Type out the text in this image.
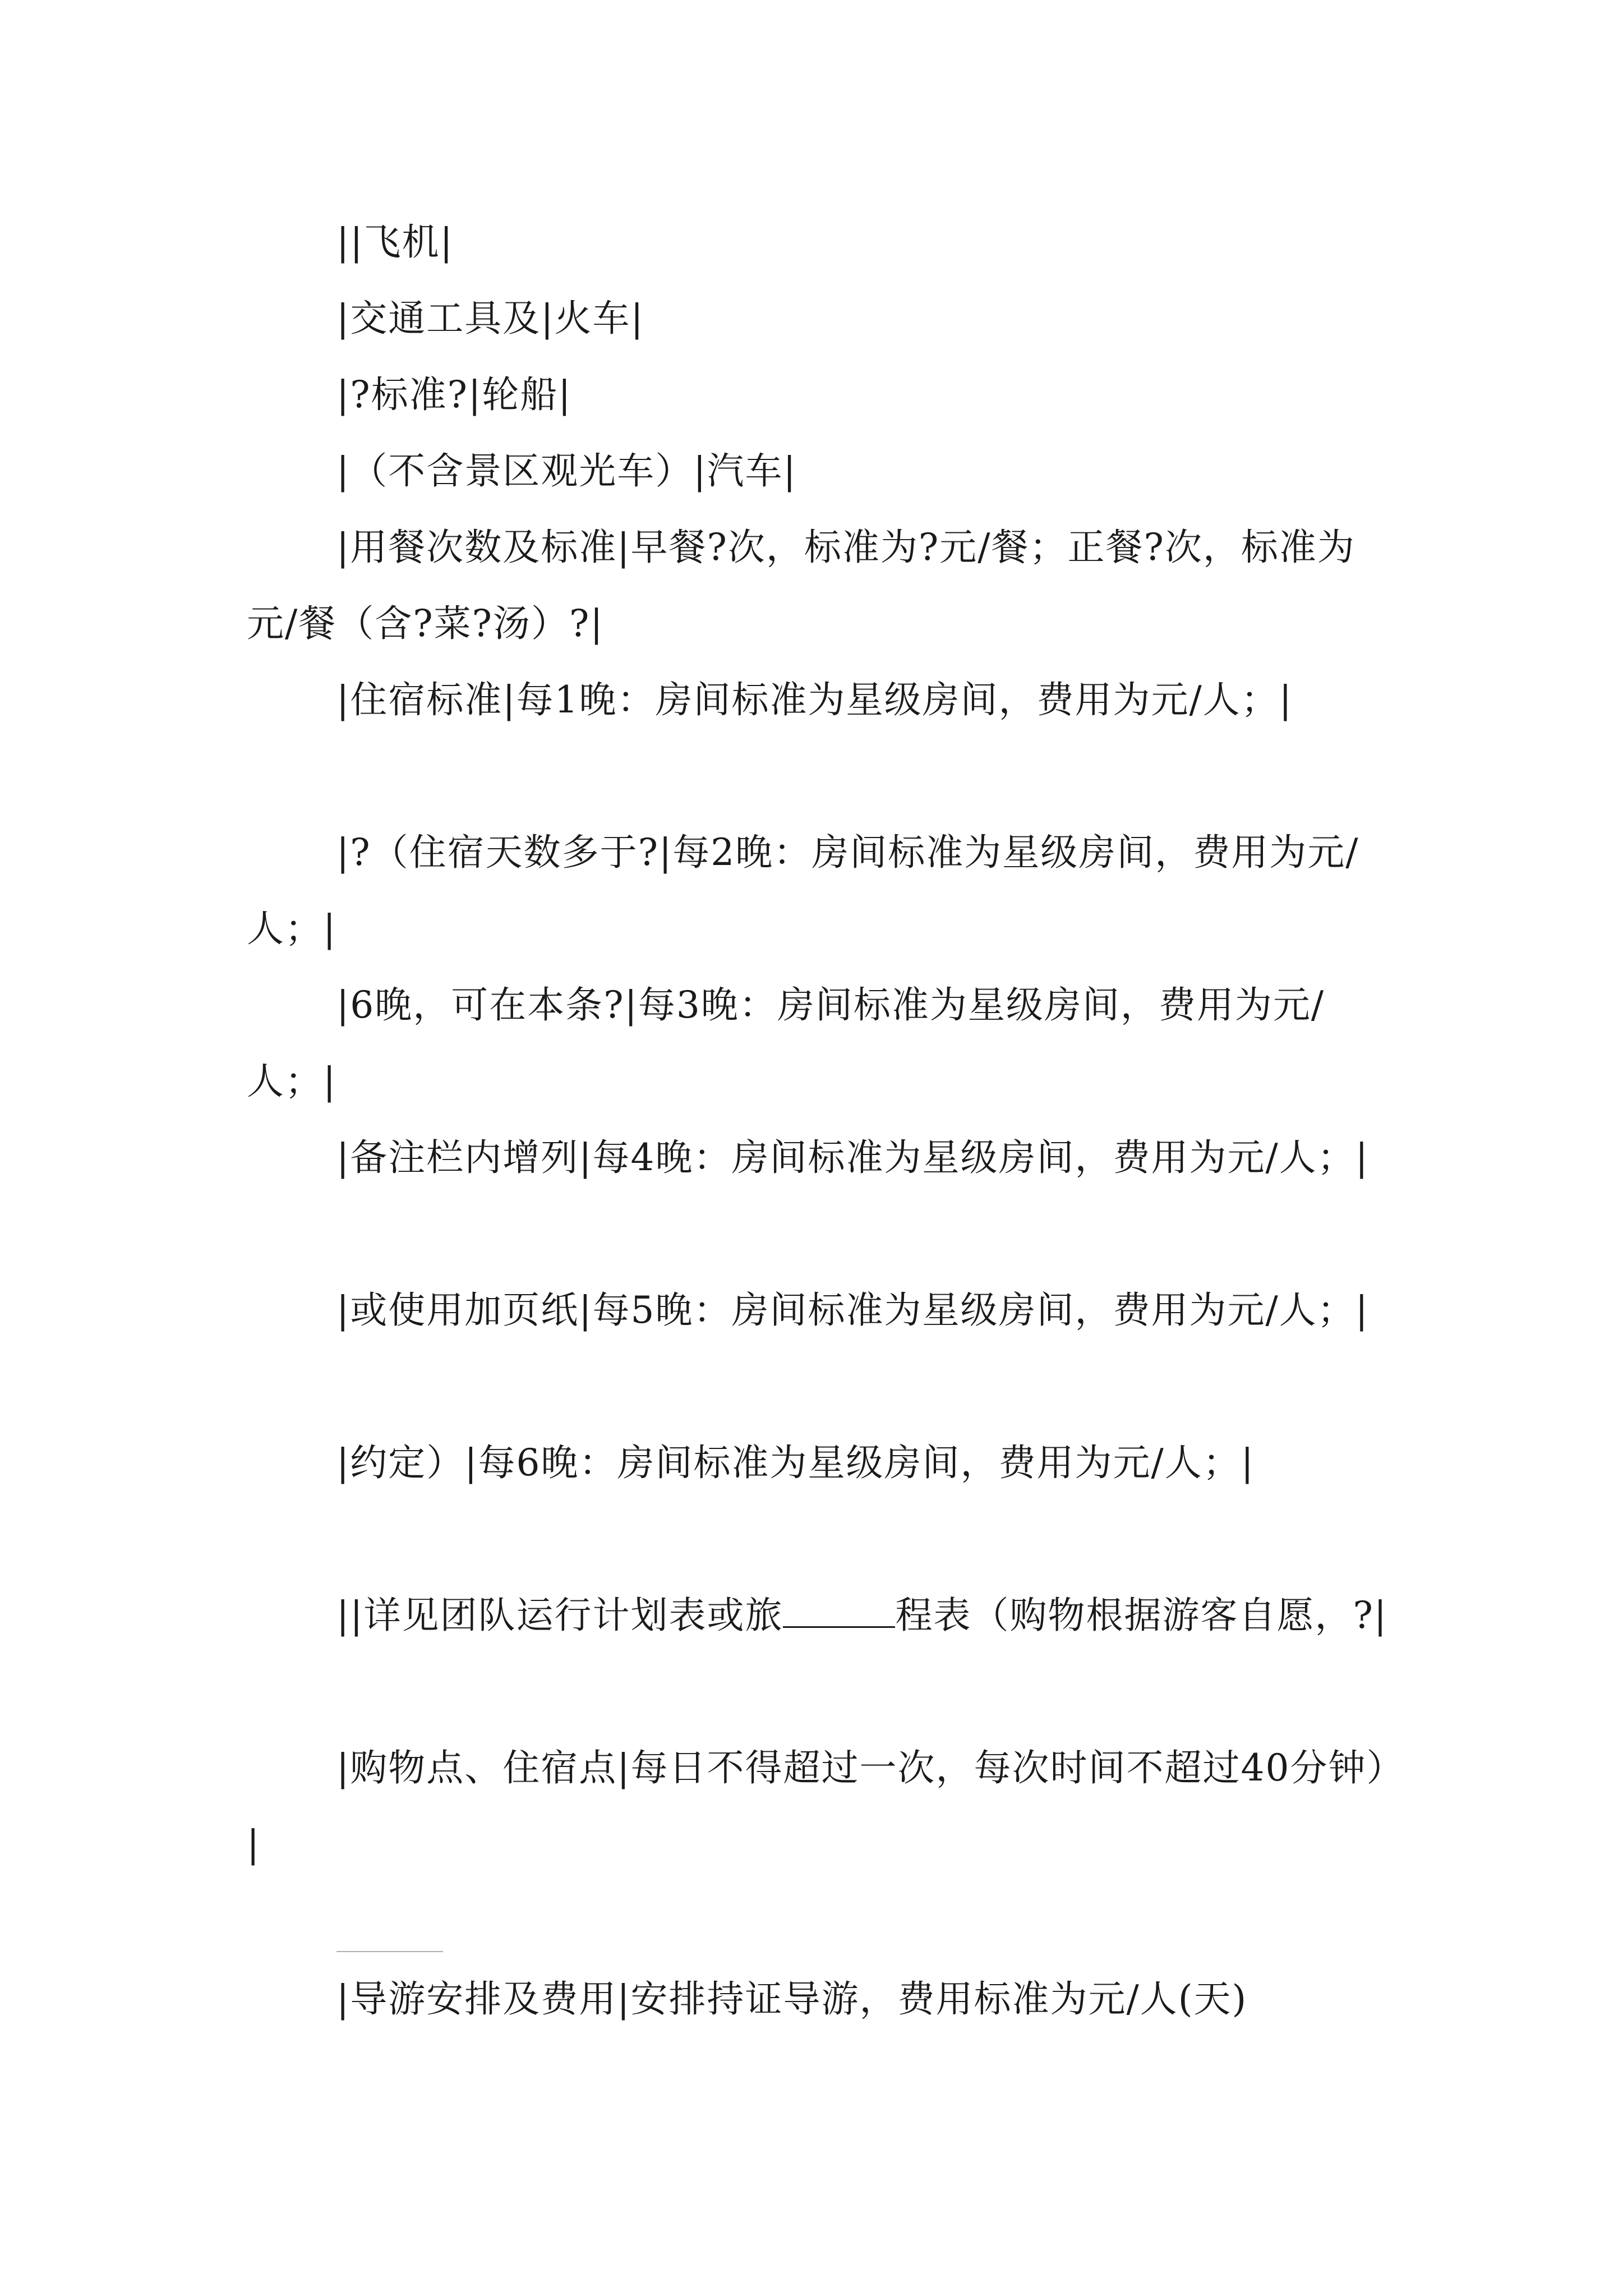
||飞机|

|交通工具及|火车|

|?标准?|轮船|

|（不含景区观光车）|汽车|

|用餐次数及标准|早餐?次，标准为?元/餐；正餐?次，标准为元/餐（含?菜?汤）?|

|住宿标准|每1晚：房间标准为星级房间，费用为元/人；|

|?（住宿天数多于?|每2晚：房间标准为星级房间，费用为元/人；|

|6晚，可在本条?|每3晚：房间标准为星级房间，费用为元/人；|

|备注栏内增列|每4晚：房间标准为星级房间，费用为元/人；|

|或使用加页纸|每5晚：房间标准为星级房间，费用为元/人；|

|约定）|每6晚：房间标准为星级房间，费用为元/人；|

||详见团队运行计划表或旅	程表（购物根据游客自愿，?|

|购物点、住宿点|每日不得超过一次，每次时间不超过40分钟）|

|导游安排及费用|安排持证导游，费用标准为元/人(天)
